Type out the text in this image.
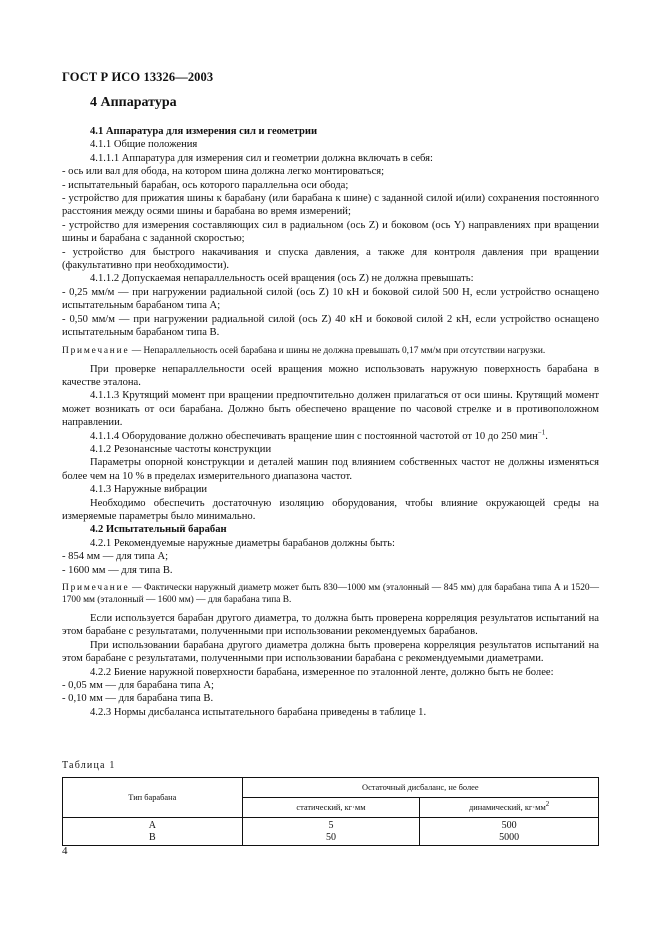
ГОСТ Р ИСО 13326—2003
4 Аппаратура

4.1 Аппаратура для измерения сил и геометрии

4.1.1 Общие положения

4.1.1.1 Аппаратура для измерения сил и геометрии должна включать в себя:

- ось или вал для обода, на котором шина должна легко монтироваться;

- испытательный барабан, ось которого параллельна оси обода;

- устройство для прижатия шины к барабану (или барабана к шине) с заданной силой и(или) сохранения постоянного расстояния между осями шины и барабана во время измерений;

- устройство для измерения составляющих сил в радиальном (ось Z) и боковом (ось Y) направлениях при вращении шины и барабана с заданной скоростью;

- устройство для быстрого накачивания и спуска давления, а также для контроля давления при вращении (факультативно при необходимости).

4.1.1.2 Допускаемая непараллельность осей вращения (ось Z) не должна превышать:

- 0,25 мм/м — при нагружении радиальной силой (ось Z) 10 кН и боковой силой 500 Н, если устройство оснащено испытательным барабаном типа А;

- 0,50 мм/м — при нагружении радиальной силой (ось Z) 40 кН и боковой силой 2 кН, если устройство оснащено испытательным барабаном типа В.

Примечание — Непараллельность осей барабана и шины не должна превышать 0,17 мм/м при отсутствии нагрузки.

При проверке непараллельности осей вращения можно использовать наружную поверхность барабана в качестве эталона.

4.1.1.3 Крутящий момент при вращении предпочтительно должен прилагаться от оси шины. Крутящий момент может возникать от оси барабана. Должно быть обеспечено вращение по часовой стрелке и в противоположном направлении.

4.1.1.4 Оборудование должно обеспечивать вращение шин с постоянной частотой от 10 до 250 мин$^{-1}$.

4.1.2 Резонансные частоты конструкции

Параметры опорной конструкции и деталей машин под влиянием собственных частот не должны изменяться более чем на 10 % в пределах измерительного диапазона частот.

4.1.3 Наружные вибрации

Необходимо обеспечить достаточную изоляцию оборудования, чтобы влияние окружающей среды на измеряемые параметры было минимально.

4.2 Испытательный барабан

4.2.1 Рекомендуемые наружные диаметры барабанов должны быть:

- 854 мм — для типа А;

- 1600 мм — для типа В.

Примечание — Фактически наружный диаметр может быть 830—1000 мм (эталонный — 845 мм) для барабана типа А и 1520—1700 мм (эталонный — 1600 мм) — для барабана типа В.

Если используется барабан другого диаметра, то должна быть проверена корреляция результатов испытаний на этом барабане с результатами, полученными при использовании рекомендуемых барабанов.

При использовании барабана другого диаметра должна быть проверена корреляция результатов испытаний на этом барабане с результатами, полученными при использовании барабана с рекомендуемыми диаметрами.

4.2.2 Биение наружной поверхности барабана, измеренное по эталонной ленте, должно быть не более:

- 0,05 мм — для барабана типа А;

- 0,10 мм — для барабана типа В.

4.2.3 Нормы дисбаланса испытательного барабана приведены в таблице 1.

Таблица 1
Тип барабана	Остаточный дисбаланс, не более	
	статический, кг·мм	динамический, $кг\cdot мм^2$
А	5	500
В	50	5000
4
